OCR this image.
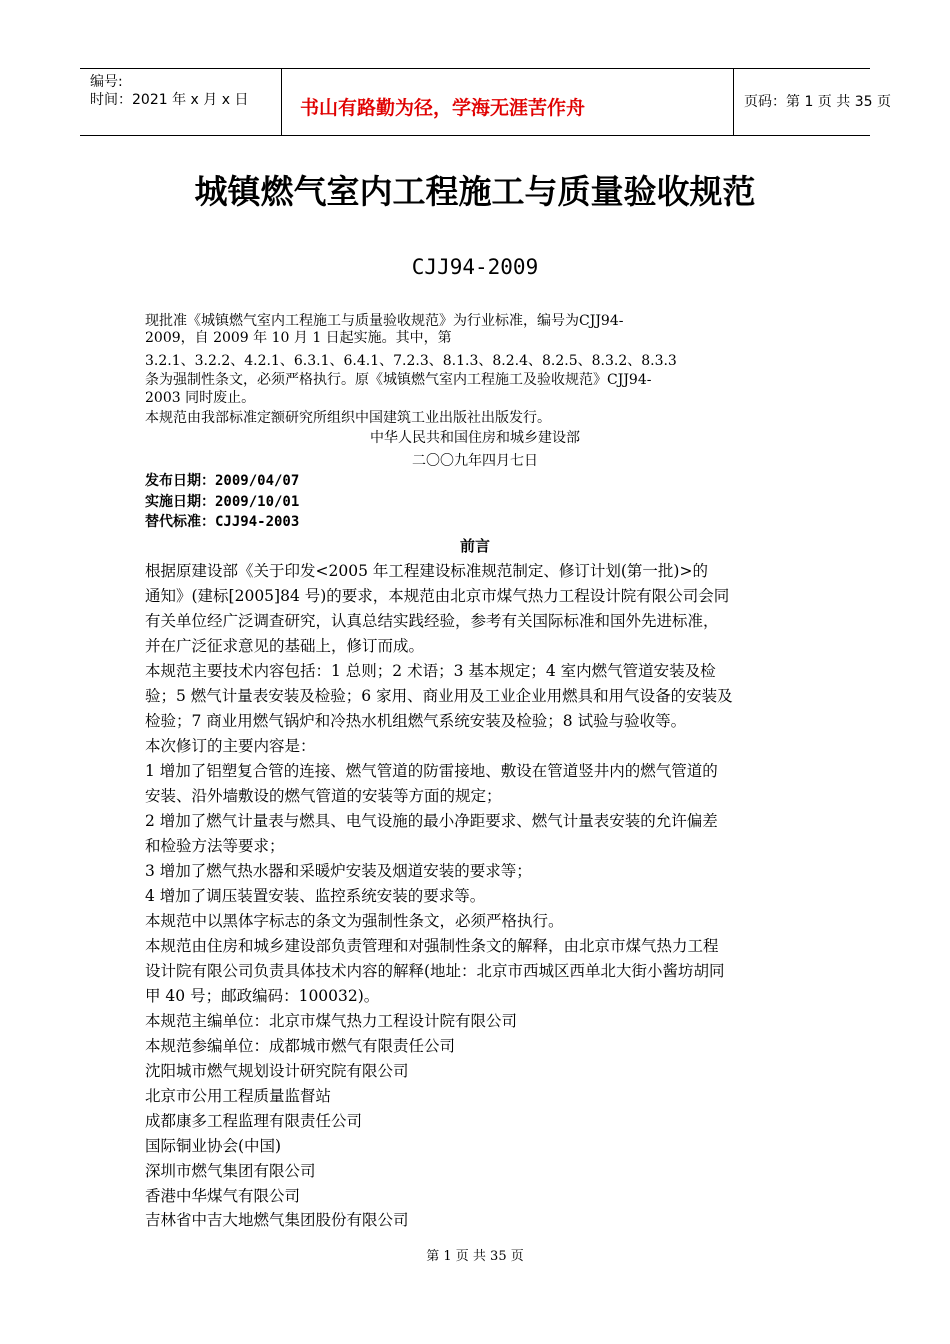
编号:
时间：2021 年 x 月 x 日	书山有路勤为径，学海无涯苦作舟	页码：第 1 页 共 35 页
城镇燃气室内工程施工与质量验收规范
CJJ94-2009
现批准《城镇燃气室内工程施工与质量验收规范》为行业标准，编号为CJJ94-
2009，自 2009 年 10 月 1 日起实施。其中，第
3.2.1、3.2.2、4.2.1、6.3.1、6.4.1、7.2.3、8.1.3、8.2.4、8.2.5、8.3.2、8.3.3
条为强制性条文，必须严格执行。原《城镇燃气室内工程施工及验收规范》CJJ94-
2003 同时废止。
本规范由我部标准定额研究所组织中国建筑工业出版社出版发行。
中华人民共和国住房和城乡建设部
二〇〇九年四月七日
发布日期：2009/04/07
实施日期：2009/10/01
替代标准：CJJ94-2003
前言
根据原建设部《关于印发<2005 年工程建设标准规范制定、修订计划(第一批)>的
通知》(建标[2005]84 号)的要求，本规范由北京市煤气热力工程设计院有限公司会同
有关单位经广泛调查研究，认真总结实践经验，参考有关国际标准和国外先进标准，
并在广泛征求意见的基础上，修订而成。
本规范主要技术内容包括：1 总则；2 术语；3 基本规定；4 室内燃气管道安装及检
验；5 燃气计量表安装及检验；6 家用、商业用及工业企业用燃具和用气设备的安装及
检验；7 商业用燃气锅炉和冷热水机组燃气系统安装及检验；8 试验与验收等。
本次修订的主要内容是：
1 增加了铝塑复合管的连接、燃气管道的防雷接地、敷设在管道竖井内的燃气管道的
安装、沿外墙敷设的燃气管道的安装等方面的规定；
2 增加了燃气计量表与燃具、电气设施的最小净距要求、燃气计量表安装的允许偏差
和检验方法等要求；
3 增加了燃气热水器和采暖炉安装及烟道安装的要求等；
4 增加了调压装置安装、监控系统安装的要求等。
本规范中以黑体字标志的条文为强制性条文，必须严格执行。
本规范由住房和城乡建设部负责管理和对强制性条文的解释，由北京市煤气热力工程
设计院有限公司负责具体技术内容的解释(地址：北京市西城区西单北大街小酱坊胡同
甲 40 号；邮政编码：100032)。
本规范主编单位：北京市煤气热力工程设计院有限公司
本规范参编单位：成都城市燃气有限责任公司
沈阳城市燃气规划设计研究院有限公司
北京市公用工程质量监督站
成都康多工程监理有限责任公司
国际铜业协会(中国)
深圳市燃气集团有限公司
香港中华煤气有限公司
吉林省中吉大地燃气集团股份有限公司
第 1 页 共 35 页
